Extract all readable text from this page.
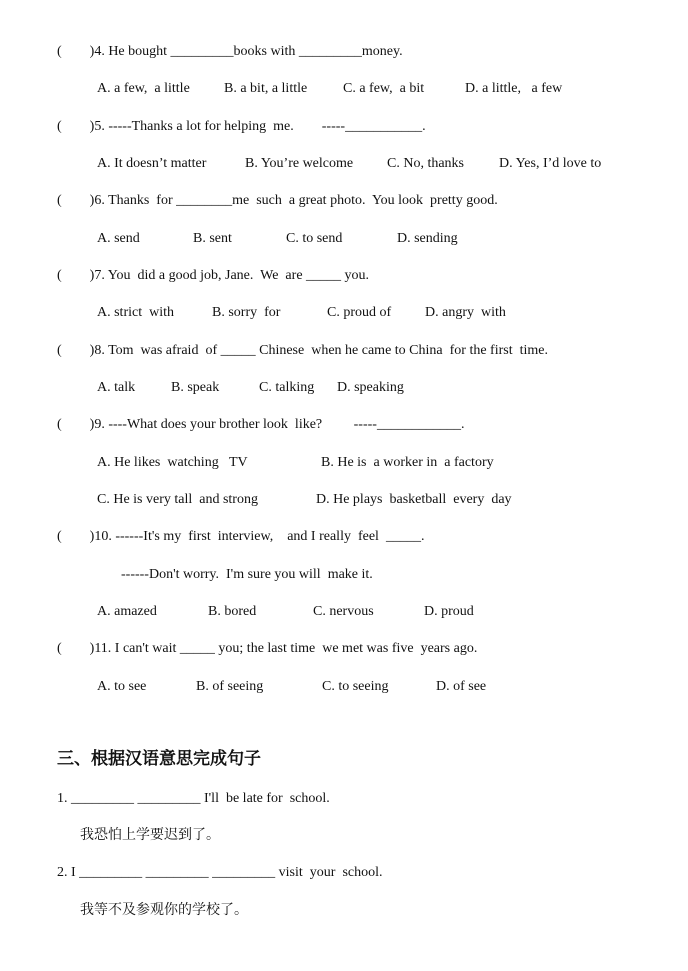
(        )4. He bought _________books with _________money.
A. a few,  a little B. a bit, a little	C. a few,  a bit	D. a little,   a few
(        )5. -----Thanks a lot for helping  me.        -----___________.
A. It doesn’t matter	B. You’re welcome C. No, thanks	D. Yes, I’d love to
(        )6. Thanks  for ________me  such  a great photo.  You look  pretty good.
A. send	B. sent	C. to send	D. sending
(        )7. You  did a good job, Jane.  We  are _____ you.
A. strict  with	B. sorry  for	C. proud of D. angry  with
(        )8. Tom  was afraid  of _____ Chinese  when he came to China  for the first  time.
A. talk	B. speak	C. talking D. speaking
(        )9. ----What does your brother look  like?         -----____________.
A. He likes  watching   TV	B. He is  a worker in  a factory
C. He is very tall  and strong	D. He plays  basketball  every  day
(        )10. ------It's my  first  interview,    and I really  feel  _____.
------Don't worry.  I'm sure you will  make it.
A. amazed	B. bored	C. nervous	D. proud
(        )11. I can't wait _____ you; the last time  we met was five  years ago.
A. to see	B. of seeing	C. to seeing	D. of see
三、根据汉语意思完成句子
1. _________ _________ I'll  be late for  school.
我恐怕上学要迟到了。
2. I _________ _________ _________ visit  your  school.
我等不及参观你的学校了。
